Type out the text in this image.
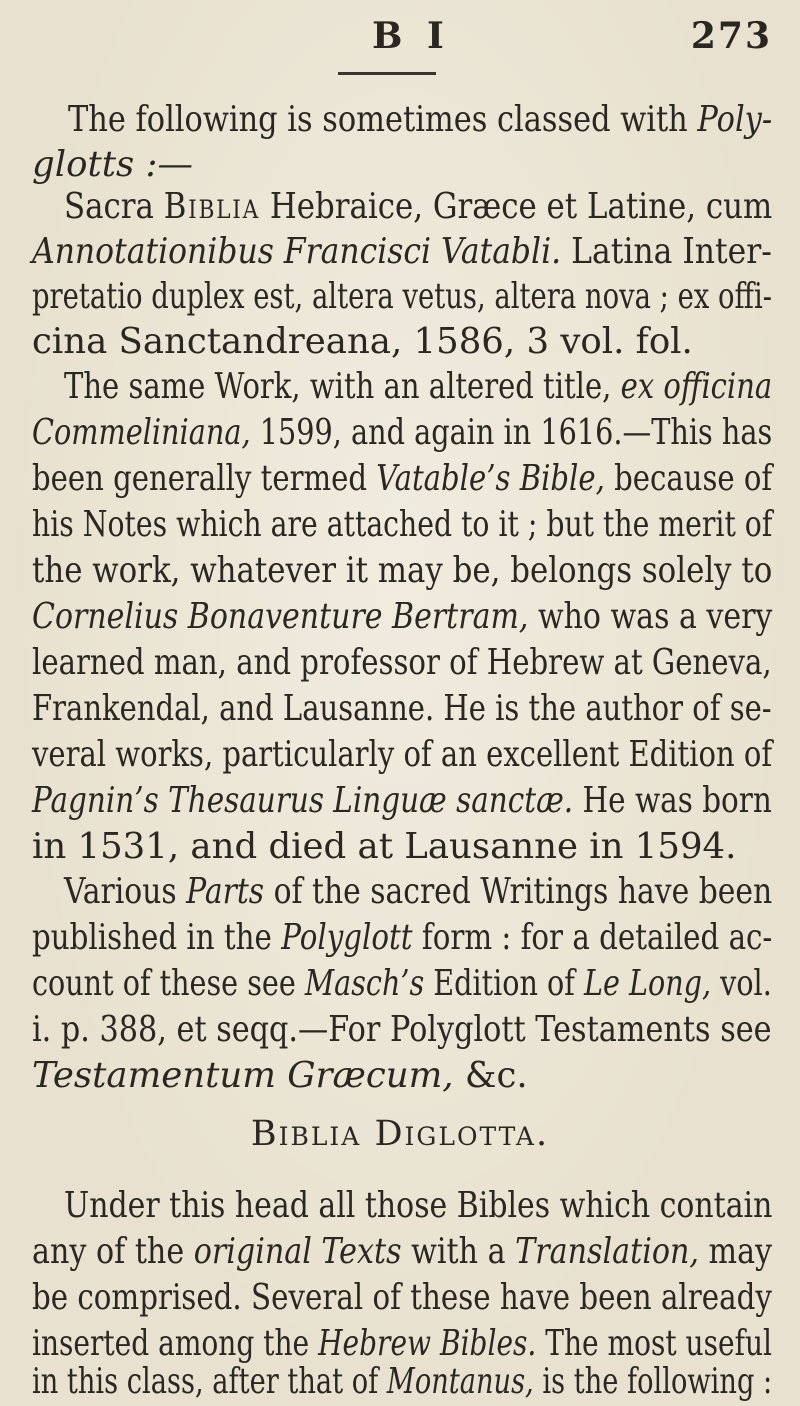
B I	273
The following is sometimes classed with Poly-
glotts :—
Sacra Biblia Hebraice, Græce et Latine, cum
Annotationibus Francisci Vatabli. Latina Inter-
pretatio duplex est, altera vetus, altera nova ; ex offi-
cina Sanctandreana, 1586, 3 vol. fol.
The same Work, with an altered title, ex officina
Commeliniana, 1599, and again in 1616.—This has
been generally termed Vatable’s Bible, because of
his Notes which are attached to it ; but the merit of
the work, whatever it may be, belongs solely to
Cornelius Bonaventure Bertram, who was a very
learned man, and professor of Hebrew at Geneva,
Frankendal, and Lausanne. He is the author of se-
veral works, particularly of an excellent Edition of
Pagnin’s Thesaurus Linguæ sanctæ. He was born
in 1531, and died at Lausanne in 1594.
Various Parts of the sacred Writings have been
published in the Polyglott form : for a detailed ac-
count of these see Masch’s Edition of Le Long, vol.
i. p. 388, et seqq.—For Polyglott Testaments see
Testamentum Græcum, &c.
Biblia Diglotta.
Under this head all those Bibles which contain
any of the original Texts with a Translation, may
be comprised. Several of these have been already
inserted among the Hebrew Bibles. The most useful
in this class, after that of Montanus, is the following :
